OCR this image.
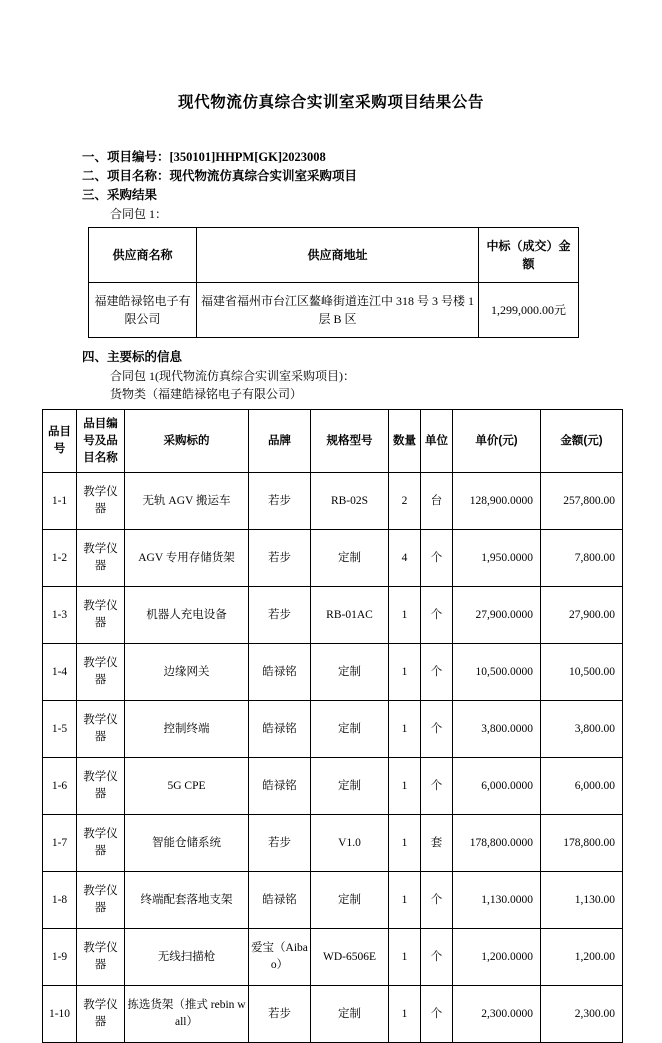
现代物流仿真综合实训室采购项目结果公告

一、项目编号：[350101]HHPM[GK]2023008

二、项目名称：现代物流仿真综合实训室采购项目

三、采购结果

合同包 1：

供应商名称	供应商地址	中标（成交）金额
福建皓禄铭电子有限公司	福建省福州市台江区鳌峰街道连江中 318 号 3 号楼 1 层 B 区	1,299,000.00元

四、主要标的信息

合同包 1(现代物流仿真综合实训室采购项目)：

货物类（福建皓禄铭电子有限公司）

品目号	品目编号及品目名称	采购标的	品牌	规格型号	数量	单位	单价(元)	金额(元)
1-1	教学仪器	无轨 AGV 搬运车	若步	RB-02S	2	台	128,900.0000	257,800.00
1-2	教学仪器	AGV 专用存储货架	若步	定制	4	个	1,950.0000	7,800.00
1-3	教学仪器	机器人充电设备	若步	RB-01AC	1	个	27,900.0000	27,900.00
1-4	教学仪器	边缘网关	皓禄铭	定制	1	个	10,500.0000	10,500.00
1-5	教学仪器	控制终端	皓禄铭	定制	1	个	3,800.0000	3,800.00
1-6	教学仪器	5G CPE	皓禄铭	定制	1	个	6,000.0000	6,000.00
1-7	教学仪器	智能仓储系统	若步	V1.0	1	套	178,800.0000	178,800.00
1-8	教学仪器	终端配套落地支架	皓禄铭	定制	1	个	1,130.0000	1,130.00
1-9	教学仪器	无线扫描枪	爱宝（Aibao）	WD-6506E	1	个	1,200.0000	1,200.00
1-10	教学仪器	拣选货架（推式 rebin wall）	若步	定制	1	个	2,300.0000	2,300.00
